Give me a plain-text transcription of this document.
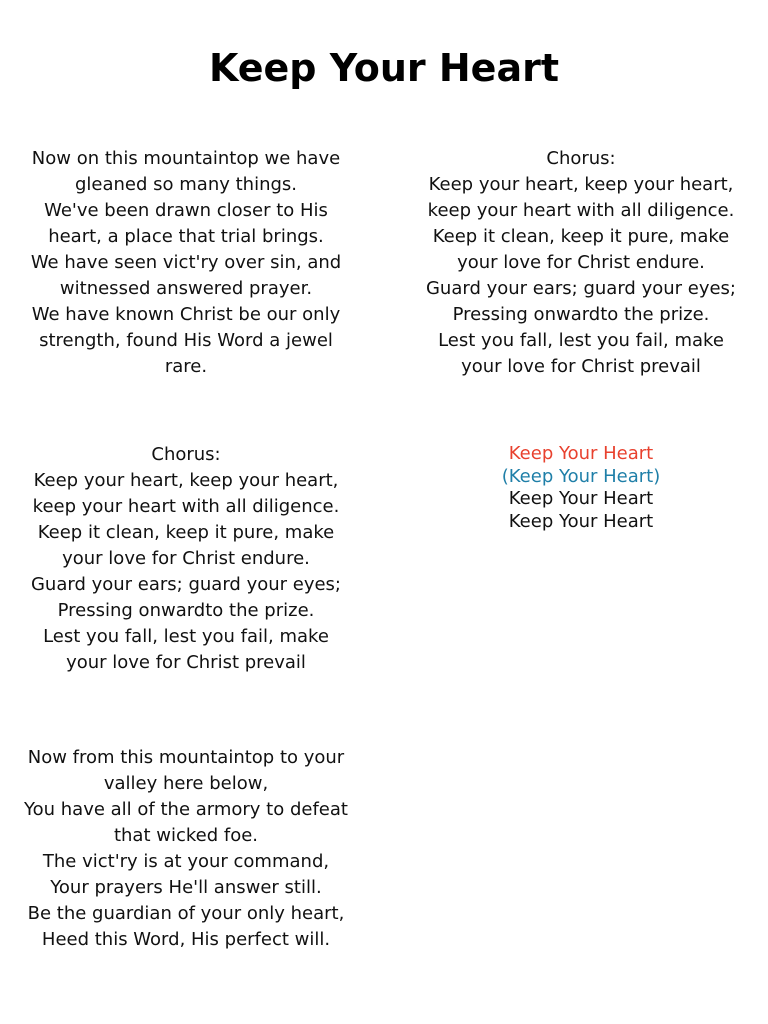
Keep Your Heart
Now on this mountaintop we have
gleaned so many things.
We've been drawn closer to His
heart, a place that trial brings.
We have seen vict'ry over sin, and
witnessed answered prayer.
We have known Christ be our only
strength, found His Word a jewel
rare.
Chorus:
Keep your heart, keep your heart,
keep your heart with all diligence.
Keep it clean, keep it pure, make
your love for Christ endure.
Guard your ears; guard your eyes;
Pressing onwardto the prize.
Lest you fall, lest you fail, make
your love for Christ prevail
Chorus:
Keep your heart, keep your heart,
keep your heart with all diligence.
Keep it clean, keep it pure, make
your love for Christ endure.
Guard your ears; guard your eyes;
Pressing onwardto the prize.
Lest you fall, lest you fail, make
your love for Christ prevail
Keep Your Heart
(Keep Your Heart)
Keep Your Heart
Keep Your Heart
Now from this mountaintop to your
valley here below,
You have all of the armory to defeat
that wicked foe.
The vict'ry is at your command,
Your prayers He'll answer still.
Be the guardian of your only heart,
Heed this Word, His perfect will.
